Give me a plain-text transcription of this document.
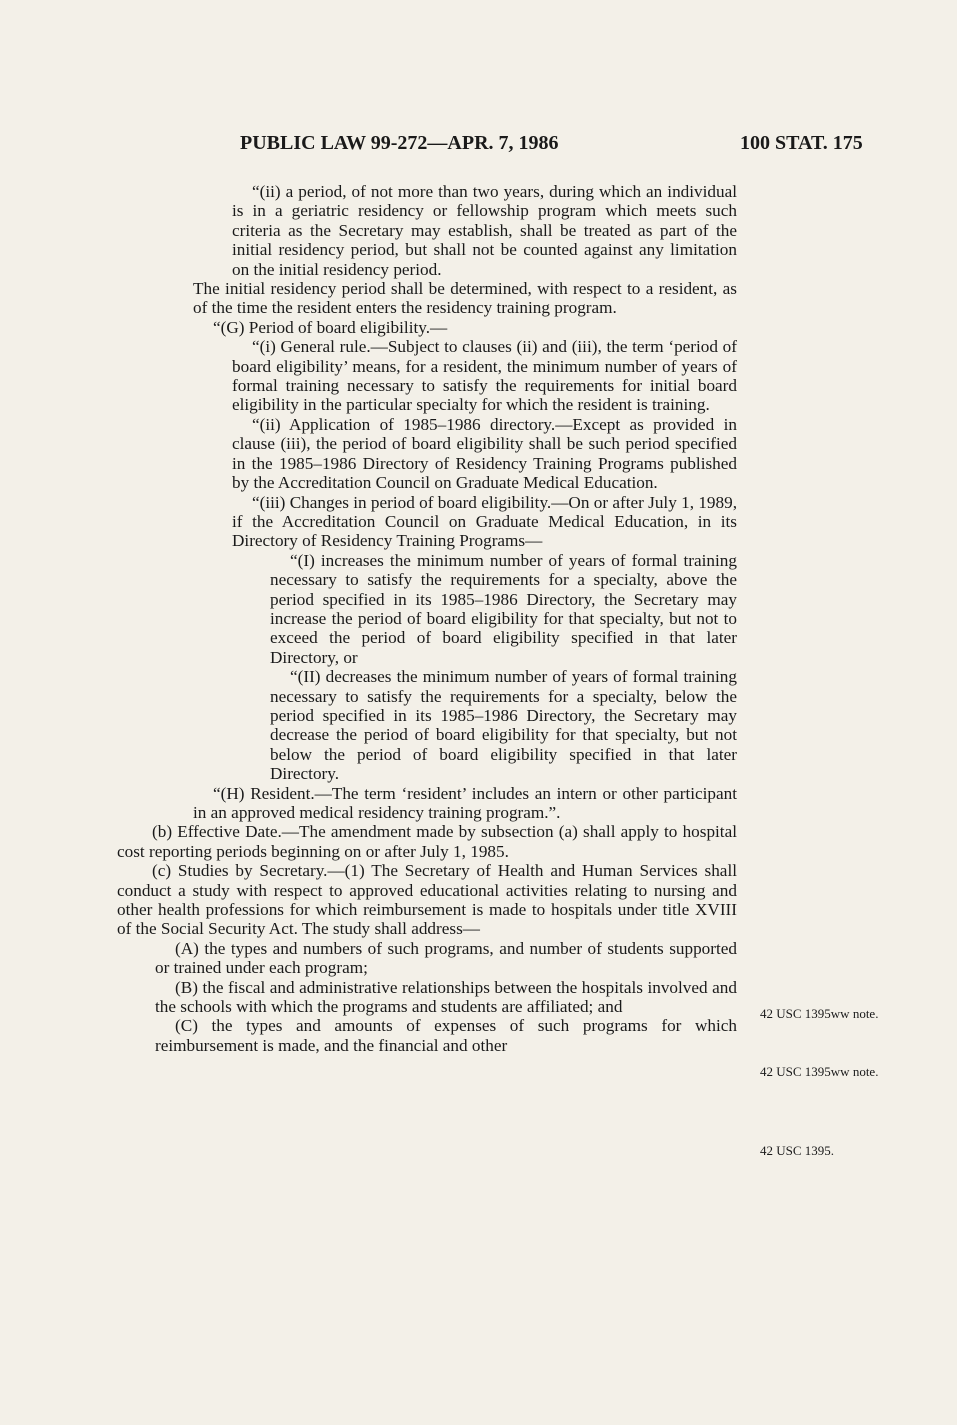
PUBLIC LAW 99-272—APR. 7, 1986	100 STAT. 175

“(ii) a period, of not more than two years, during which an individual is in a geriatric residency or fellowship program which meets such criteria as the Secretary may establish, shall be treated as part of the initial residency period, but shall not be counted against any limitation on the initial residency period.

The initial residency period shall be determined, with respect to a resident, as of the time the resident enters the residency training program.

“(G) Period of board eligibility.—

“(i) General rule.—Subject to clauses (ii) and (iii), the term ‘period of board eligibility’ means, for a resident, the minimum number of years of formal training necessary to satisfy the requirements for initial board eligibility in the particular specialty for which the resident is training.

“(ii) Application of 1985–1986 directory.—Except as provided in clause (iii), the period of board eligibility shall be such period specified in the 1985–1986 Directory of Residency Training Programs published by the Accreditation Council on Graduate Medical Education.

“(iii) Changes in period of board eligibility.—On or after July 1, 1989, if the Accreditation Council on Graduate Medical Education, in its Directory of Residency Training Programs—

“(I) increases the minimum number of years of formal training necessary to satisfy the requirements for a specialty, above the period specified in its 1985–1986 Directory, the Secretary may increase the period of board eligibility for that specialty, but not to exceed the period of board eligibility specified in that later Directory, or

“(II) decreases the minimum number of years of formal training necessary to satisfy the requirements for a specialty, below the period specified in its 1985–1986 Directory, the Secretary may decrease the period of board eligibility for that specialty, but not below the period of board eligibility specified in that later Directory.

“(H) Resident.—The term ‘resident’ includes an intern or other participant in an approved medical residency training program.”.

(b) Effective Date.—The amendment made by subsection (a) shall apply to hospital cost reporting periods beginning on or after July 1, 1985.

(c) Studies by Secretary.—(1) The Secretary of Health and Human Services shall conduct a study with respect to approved educational activities relating to nursing and other health professions for which reimbursement is made to hospitals under title XVIII of the Social Security Act. The study shall address—

(A) the types and numbers of such programs, and number of students supported or trained under each program;

(B) the fiscal and administrative relationships between the hospitals involved and the schools with which the programs and students are affiliated; and

(C) the types and amounts of expenses of such programs for which reimbursement is made, and the financial and other

42 USC 1395ww note.
42 USC 1395ww note.
42 USC 1395.
